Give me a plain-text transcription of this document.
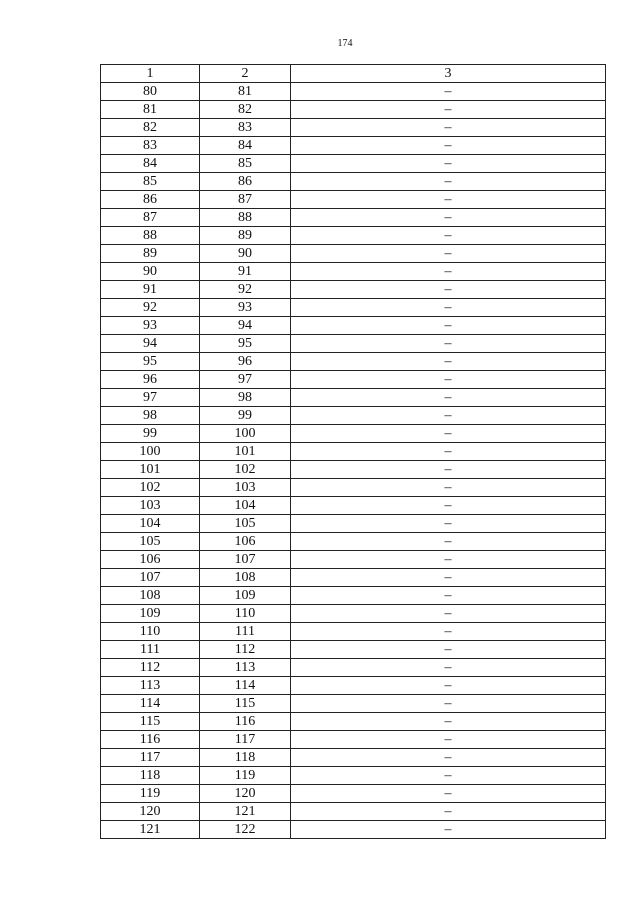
174
1	2	3
80	81	–
81	82	–
82	83	–
83	84	–
84	85	–
85	86	–
86	87	–
87	88	–
88	89	–
89	90	–
90	91	–
91	92	–
92	93	–
93	94	–
94	95	–
95	96	–
96	97	–
97	98	–
98	99	–
99	100	–
100	101	–
101	102	–
102	103	–
103	104	–
104	105	–
105	106	–
106	107	–
107	108	–
108	109	–
109	110	–
110	111	–
111	112	–
112	113	–
113	114	–
114	115	–
115	116	–
116	117	–
117	118	–
118	119	–
119	120	–
120	121	–
121	122	–
